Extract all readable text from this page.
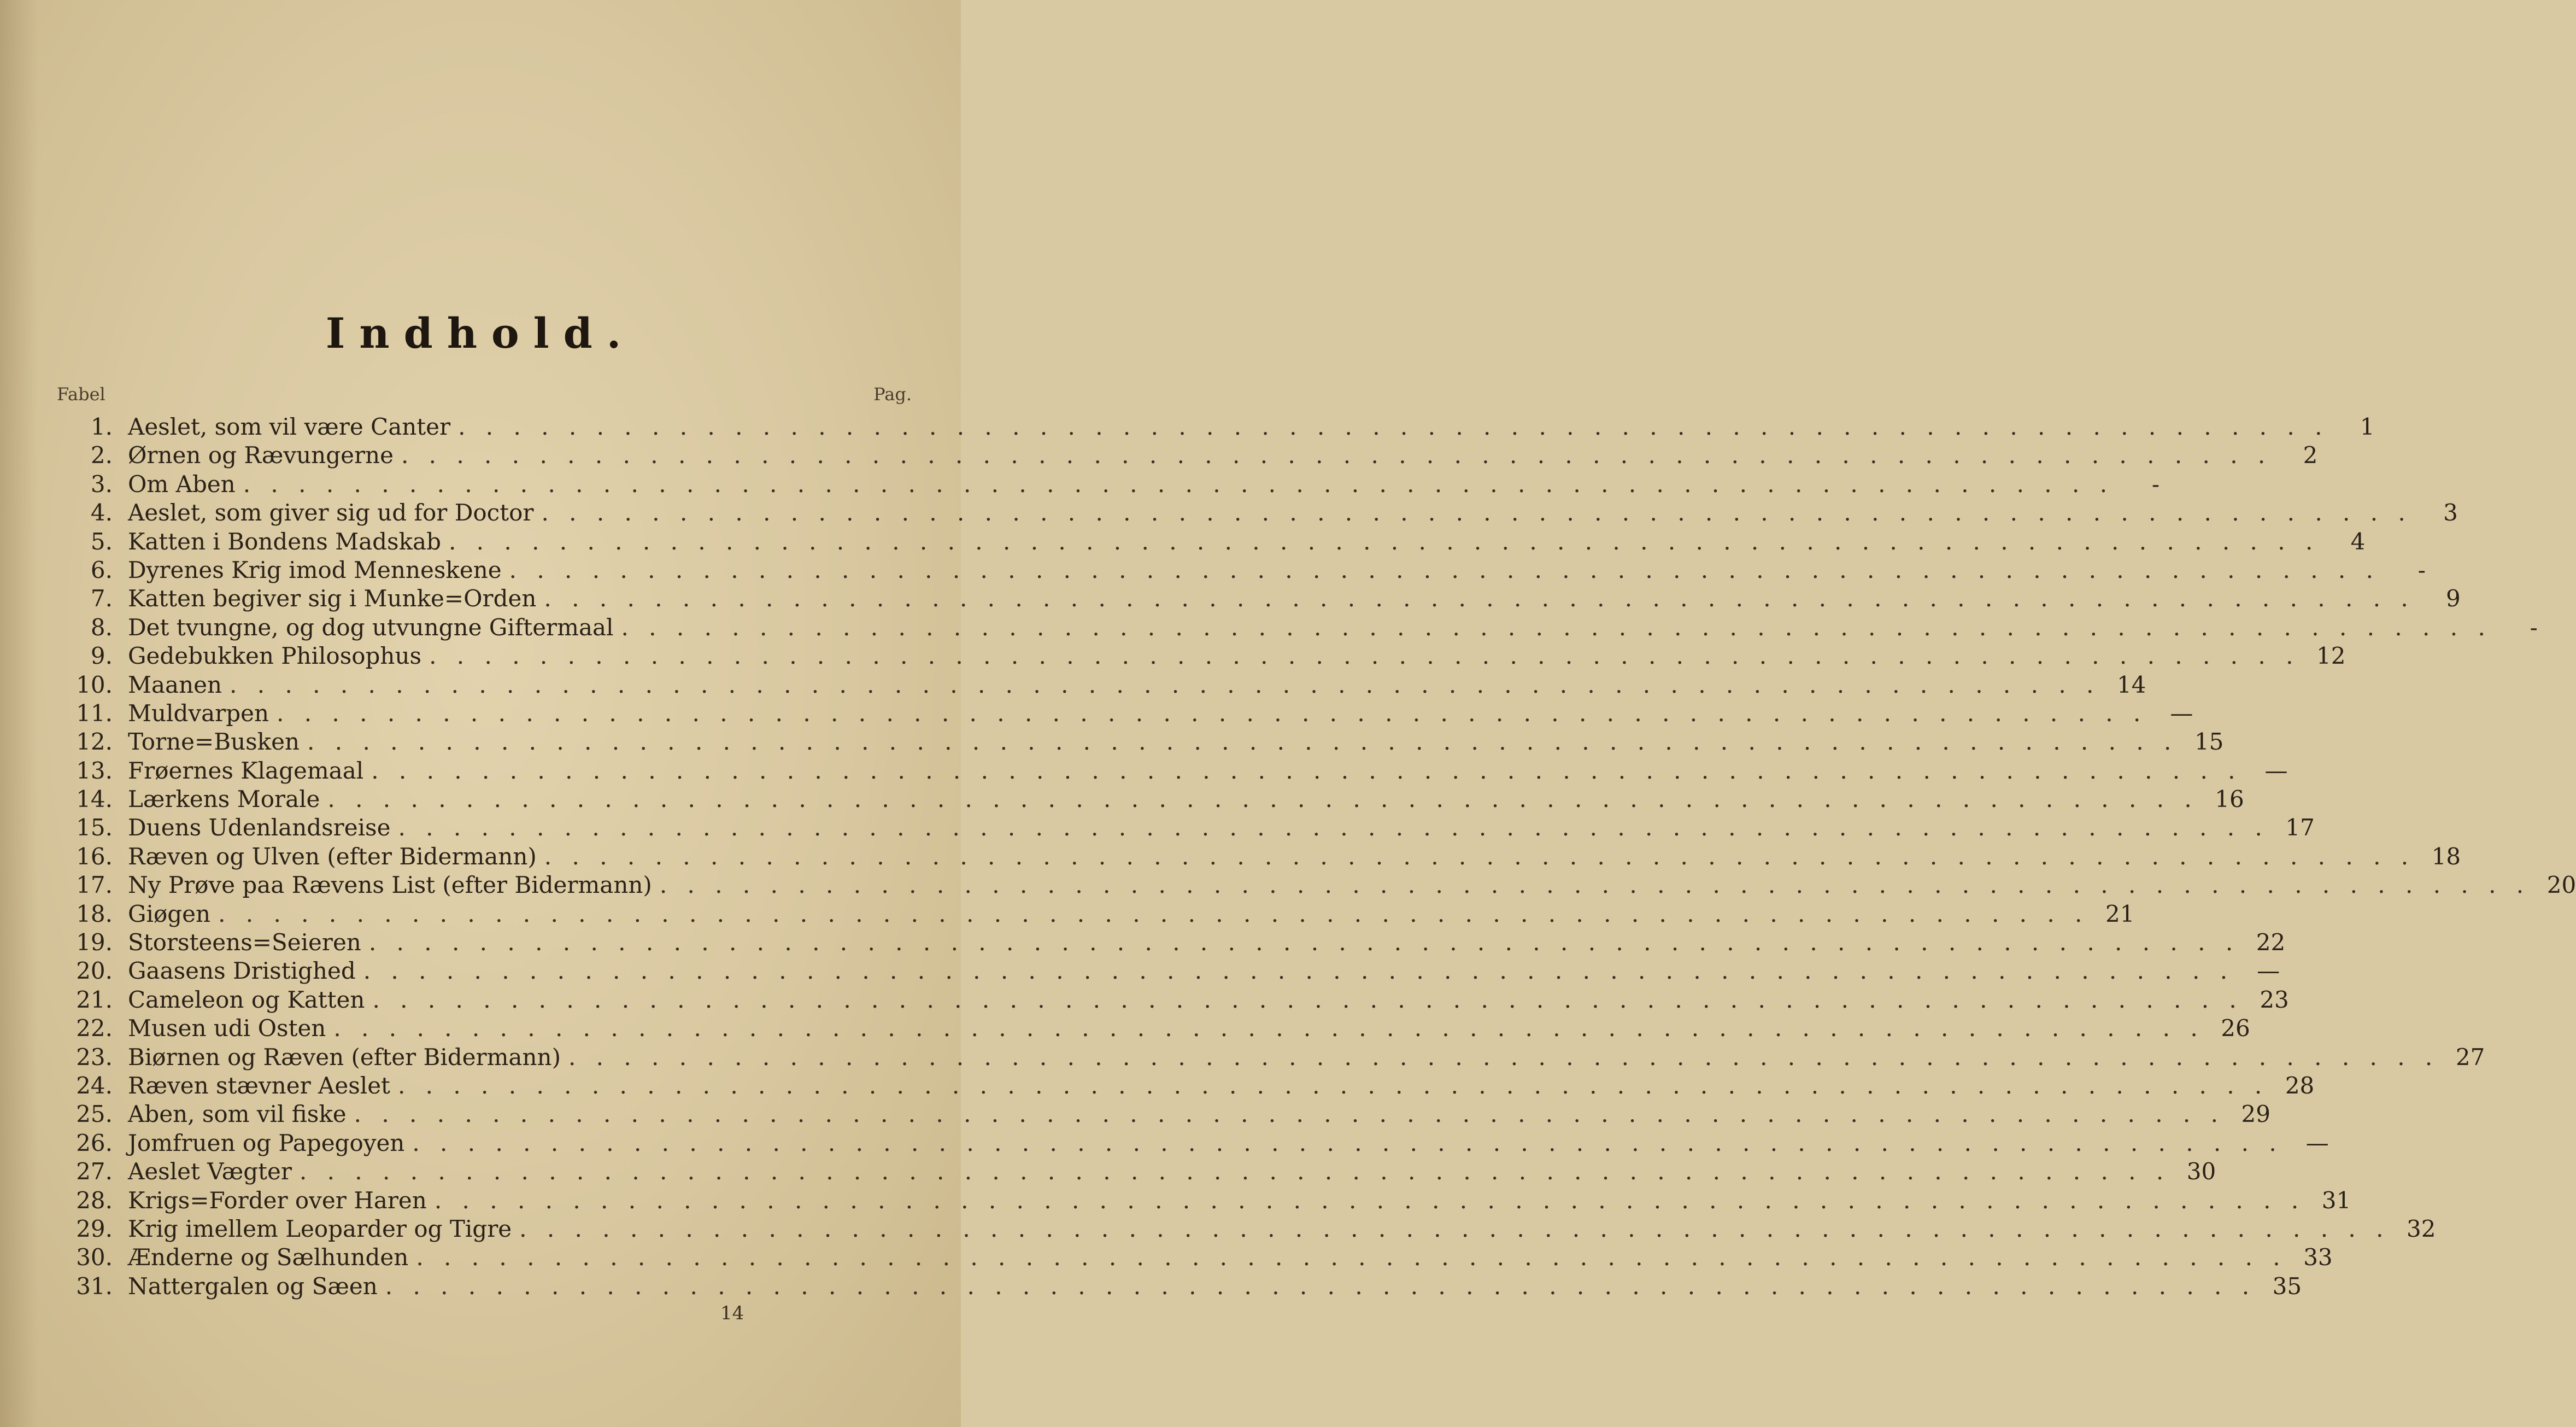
Indhold.
Fabel	Pag.
1. Aeslet, som vil være Canter . . .	1
2. Ørnen og Rævungerne . . .	2
3. Om Aben . . .	-
4. Aeslet, som giver sig ud for Doctor . . .	3
5. Katten i Bondens Madskab . . .	4
6. Dyrenes Krig imod Menneskene . . .	-
7. Katten begiver sig i Munke=Orden . . .	9
8. Det tvungne, og dog utvungne Giftermaal . . .	-
9. Gedebukken Philosophus . . .	12
10. Maanen . . .	14
11. Muldvarpen . . .	—
12. Torne=Busken . . .	15
13. Frøernes Klagemaal . . .	—
14. Lærkens Morale . . .	16
15. Duens Udenlandsreise . . .	17
16. Ræven og Ulven (efter Bidermann) . . .	18
17. Ny Prøve paa Rævens List (efter Bidermann) . . .	20
18. Giøgen . . .	21
19. Storsteens=Seieren . . .	22
20. Gaasens Dristighed . . .	—
21. Cameleon og Katten . . .	23
22. Musen udi Osten . . .	26
23. Biørnen og Ræven (efter Bidermann) . . .	27
24. Ræven stævner Aeslet . . .	28
25. Aben, som vil fiske . . .	29
26. Jomfruen og Papegoyen . . .	—
27. Aeslet Vægter . . .	30
28. Krigs=Forder over Haren . . .	31
29. Krig imellem Leoparder og Tigre . . .	32
30. Ænderne og Sælhunden . . .	33
31. Nattergalen og Sæen . . .	35
14
